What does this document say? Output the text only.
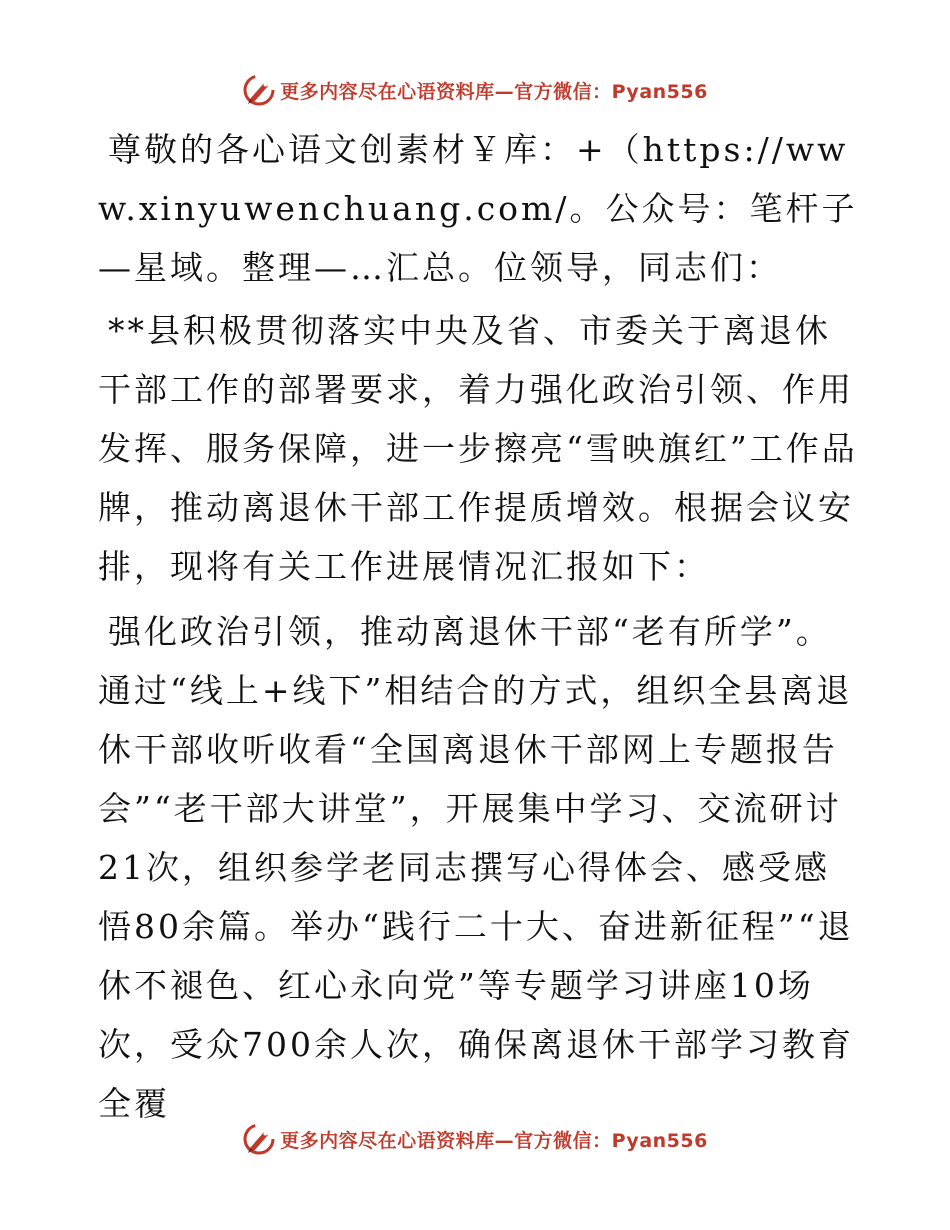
更多内容尽在心语资料库—官方微信：Pyan556

尊敬的各心语文创素材￥库：+（https://www.xinyuwenchuang.com/。公众号：笔杆子—星域。整理—…汇总。位领导，同志们：

**县积极贯彻落实中央及省、市委关于离退休干部工作的部署要求，着力强化政治引领、作用发挥、服务保障，进一步擦亮“雪映旗红”工作品牌，推动离退休干部工作提质增效。根据会议安排，现将有关工作进展情况汇报如下：

强化政治引领，推动离退休干部“老有所学”。通过“线上+线下”相结合的方式，组织全县离退休干部收听收看“全国离退休干部网上专题报告会”“老干部大讲堂”，开展集中学习、交流研讨21次，组织参学老同志撰写心得体会、感受感悟80余篇。举办“践行二十大、奋进新征程”“退休不褪色、红心永向党”等专题学习讲座10场次，受众700余人次，确保离退休干部学习教育全覆

更多内容尽在心语资料库—官方微信：Pyan556
